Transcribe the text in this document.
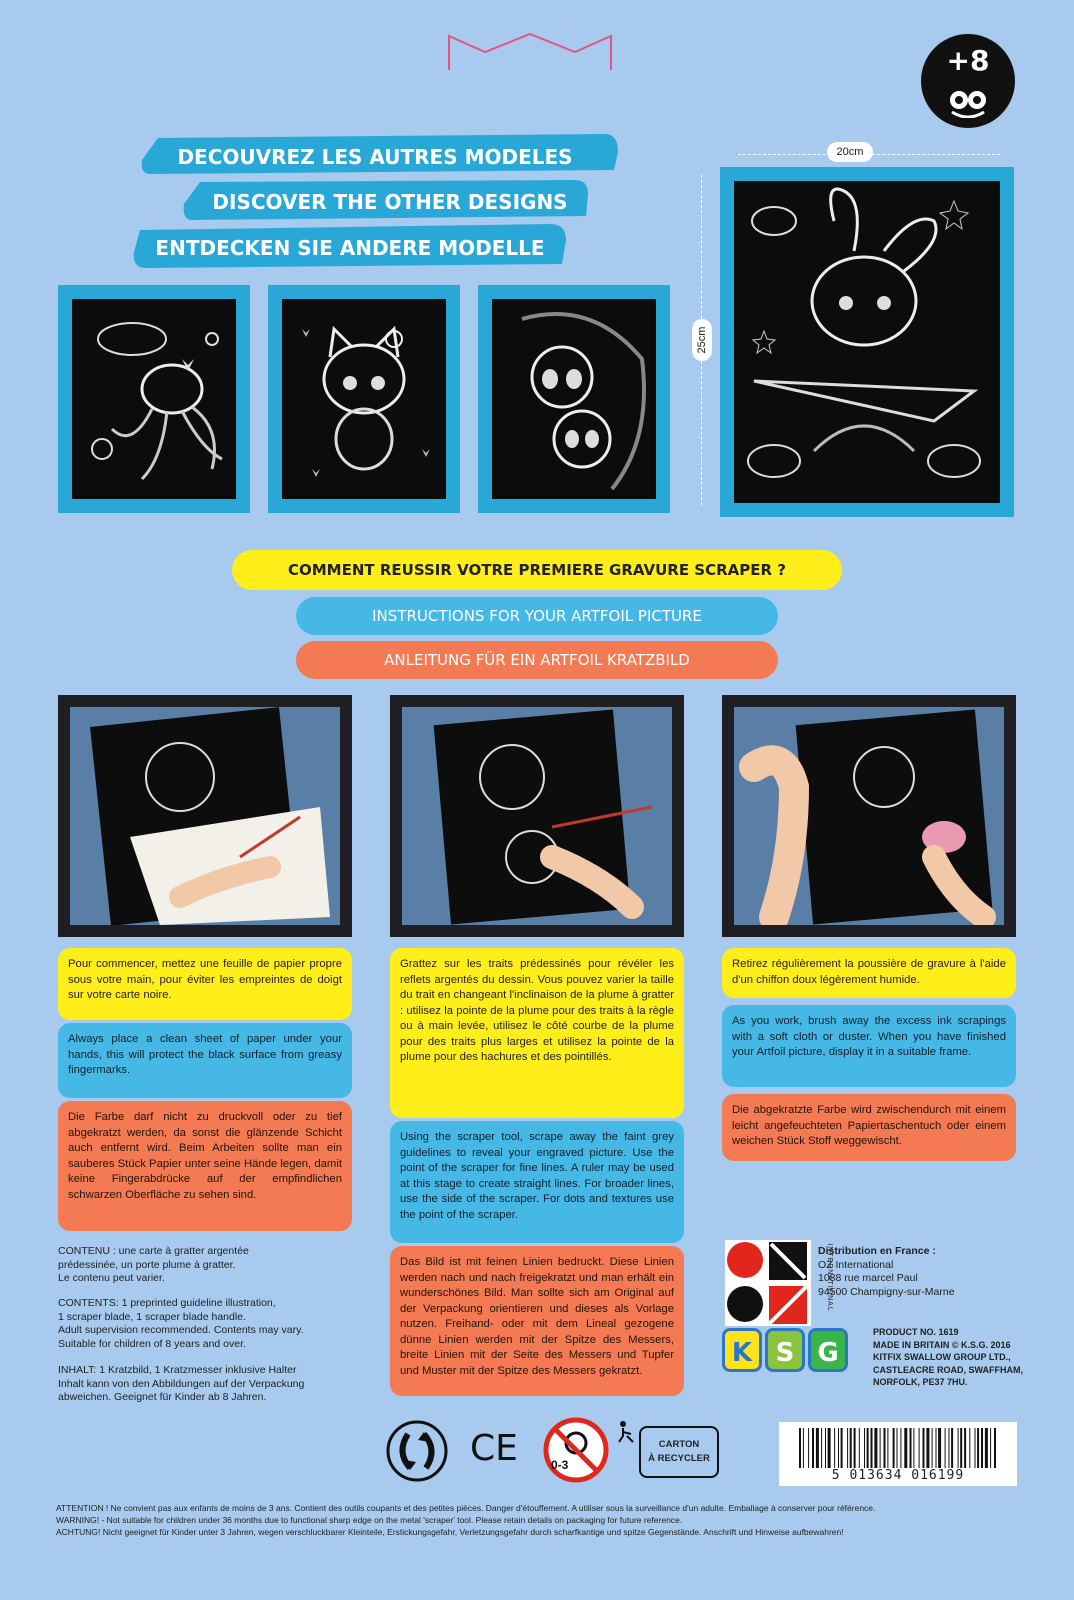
+8
DECOUVREZ LES AUTRES MODELES
DISCOVER THE OTHER DESIGNS
ENTDECKEN SIE ANDERE MODELLE
20cm
25cm
COMMENT REUSSIR VOTRE PREMIERE GRAVURE SCRAPER ?
INSTRUCTIONS FOR YOUR ARTFOIL PICTURE
ANLEITUNG FÜR EIN ARTFOIL KRATZBILD
Pour commencer, mettez une feuille de papier propre sous votre main, pour éviter les empreintes de doigt sur votre carte noire.
Always place a clean sheet of paper under your hands, this will protect the black surface from greasy fingermarks.
Die Farbe darf nicht zu druckvoll oder zu tief abgekratzt werden, da sonst die glänzende Schicht auch entfernt wird. Beim Arbeiten sollte man ein sauberes Stück Papier unter seine Hände legen, damit keine Fingerabdrücke auf der empfindlichen schwarzen Oberfläche zu sehen sind.
Grattez sur les traits prédessinés pour révéler les reflets argentés du dessin. Vous pouvez varier la taille du trait en changeant l'inclinaison de la plume à gratter : utilisez la pointe de la plume pour des traits à la règle ou à main levée, utilisez le côté courbe de la plume pour des traits plus larges et utilisez la pointe de la plume pour des hachures et des pointillés.
Using the scraper tool, scrape away the faint grey guidelines to reveal your engraved picture. Use the point of the scraper for fine lines. A ruler may be used at this stage to create straight lines. For broader lines, use the side of the scraper. For dots and textures use the point of the scraper.
Das Bild ist mit feinen Linien bedruckt. Diese Linien werden nach und nach freigekratzt und man erhält ein wunderschönes Bild. Man sollte sich am Original auf der Verpackung orientieren und dieses als Vorlage nutzen. Freihand- oder mit dem Lineal gezogene dünne Linien werden mit der Spitze des Messers, breite Linien mit der Seite des Messers und Tupfer und Muster mit der Spitze des Messers gekratzt.
Retirez régulièrement la poussière de gravure à l'aide d'un chiffon doux légèrement humide.
As you work, brush away the excess ink scrapings with a soft cloth or duster. When you have finished your Artfoil picture, display it in a suitable frame.
Die abgekratzte Farbe wird zwischendurch mit einem leicht angefeuchteten Papiertaschentuch oder einem weichen Stück Stoff weggewischt.
CONTENU : une carte à gratter argentée
prédessinée, un porte plume à gratter.
Le contenu peut varier.
CONTENTS: 1 preprinted guideline illustration,
1 scraper blade, 1 scraper blade handle.
Adult supervision recommended. Contents may vary.
Suitable for children of 8 years and over.
INHALT: 1 Kratzbild, 1 Kratzmesser inklusive Halter
Inhalt kann von den Abbildungen auf der Verpackung
abweichen. Geeignet für Kinder ab 8 Jahren.
INTERNATIONAL
Distribution en France :
OZ International
1088 rue marcel Paul
94500 Champigny-sur-Marne
K S G
PRODUCT NO. 1619
MADE IN BRITAIN © K.S.G. 2016
KITFIX SWALLOW GROUP LTD.,
CASTLEACRE ROAD, SWAFFHAM,
NORFOLK, PE37 7HU.
CE	0-3
CARTON
À RECYCLER
5 013634 016199
ATTENTION ! Ne convient pas aux enfants de moins de 3 ans. Contient des outils coupants et des petites pièces. Danger d'étouffement. A utiliser sous la surveillance d'un adulte. Emballage à conserver pour référence.
WARNING! - Not suitable for children under 36 months due to functional sharp edge on the metal 'scraper' tool. Please retain details on packaging for future reference.
ACHTUNG! Nicht geeignet für Kinder unter 3 Jahren, wegen verschluckbarer Kleinteile, Erstickungsgefahr, Verletzungsgefahr durch scharfkantige und spitze Gegenstände. Anschrift und Hinweise aufbewahren!
